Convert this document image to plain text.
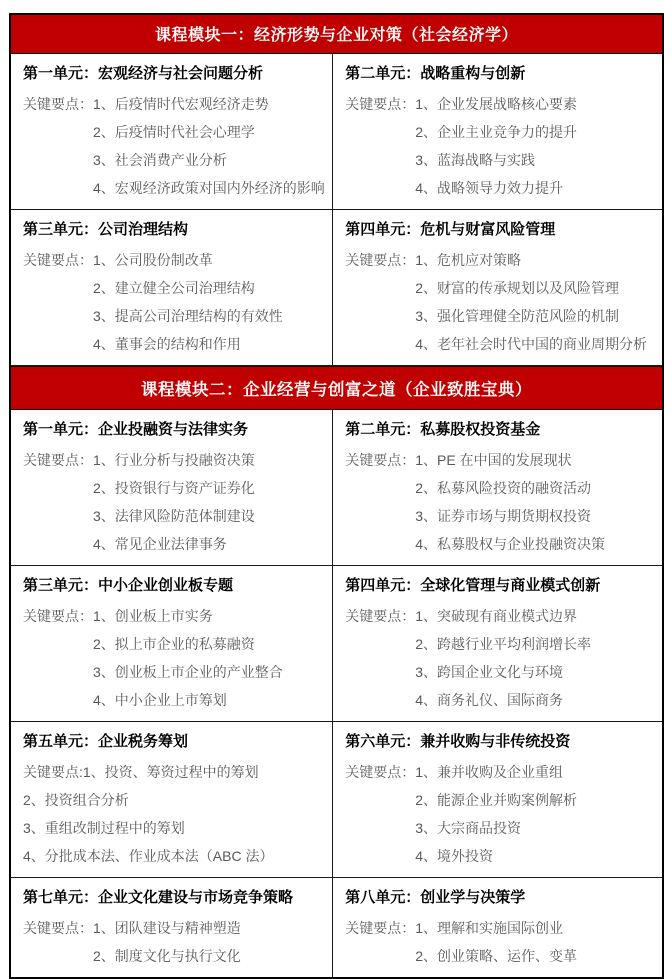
课程模块一：经济形势与企业对策（社会经济学）
第一单元：宏观经济与社会问题分析
关键要点： 1、后疫情时代宏观经济走势
2、后疫情时代社会心理学
3、社会消费产业分析
4、宏观经济政策对国内外经济的影响
第二单元：战略重构与创新
关键要点： 1、企业发展战略核心要素
2、企业主业竞争力的提升
3、蓝海战略与实践
4、战略领导力效力提升
第三单元：公司治理结构
关键要点： 1、公司股份制改革
2、建立健全公司治理结构
3、提高公司治理结构的有效性
4、董事会的结构和作用
第四单元：危机与财富风险管理
关键要点： 1、危机应对策略
2、财富的传承规划以及风险管理
3、强化管理健全防范风险的机制
4、老年社会时代中国的商业周期分析
课程模块二：企业经营与创富之道（企业致胜宝典）
第一单元：企业投融资与法律实务
关键要点： 1、行业分析与投融资决策
2、投资银行与资产证券化
3、法律风险防范体制建设
4、常见企业法律事务
第二单元：私募股权投资基金
关键要点： 1、PE 在中国的发展现状
2、私募风险投资的融资活动
3、证券市场与期货期权投资
4、私募股权与企业投融资决策
第三单元：中小企业创业板专题
关键要点： 1、创业板上市实务
2、拟上市企业的私募融资
3、创业板上市企业的产业整合
4、中小企业上市筹划
第四单元：全球化管理与商业模式创新
关键要点： 1、突破现有商业模式边界
2、跨越行业平均利润增长率
3、跨国企业文化与环境
4、商务礼仪、国际商务
第五单元：企业税务筹划
关键要点:1、投资、筹资过程中的筹划
2、投资组合分析
3、重组改制过程中的筹划
4、分批成本法、作业成本法（ABC 法）
第六单元：兼并收购与非传统投资
关键要点： 1、兼并收购及企业重组
2、能源企业并购案例解析
3、大宗商品投资
4、境外投资
第七单元：企业文化建设与市场竞争策略
关键要点： 1、团队建设与精神塑造
2、制度文化与执行文化
第八单元：创业学与决策学
关键要点： 1、理解和实施国际创业
2、创业策略、运作、变革
